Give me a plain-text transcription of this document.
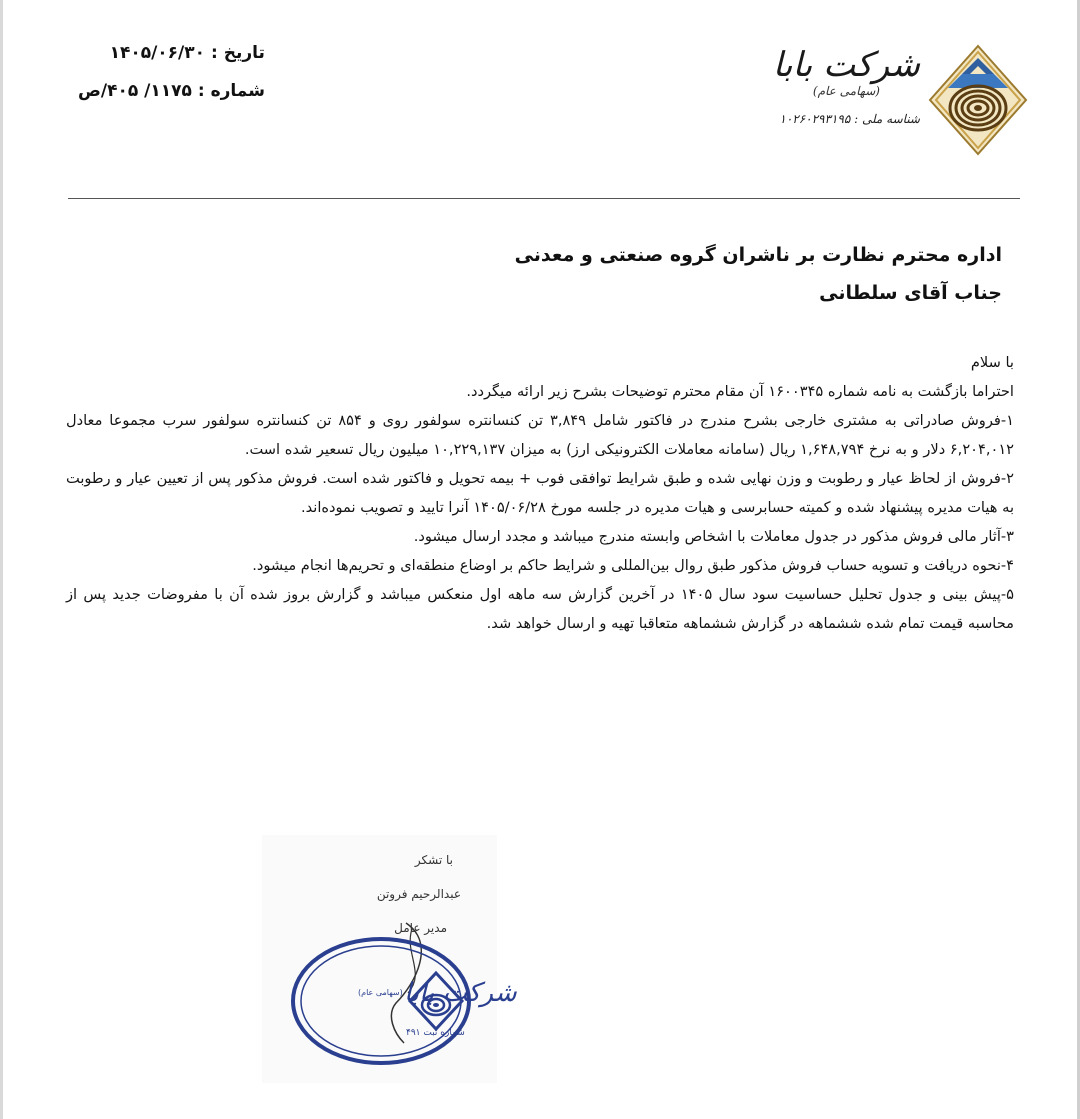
تاریخ :
۱۴۰۵/۰۶/۳۰
شماره :
۱۱۷۵/ ۴۰۵/ص
شرکت بابا
(سهامی عام)
شناسه ملی : ۱۰۲۶۰۲۹۳۱۹۵
اداره محترم نظارت بر ناشران گروه صنعتی و معدنی
جناب آقای سلطانی

با سلام

احتراما بازگشت به نامه شماره ۱۶۰۰۳۴۵ آن مقام محترم توضیحات بشرح زیر ارائه میگردد.

۱-فروش صادراتی به مشتری خارجی بشرح مندرج در فاکتور شامل ۳,۸۴۹ تن کنسانتره سولفور روی و ۸۵۴ تن کنسانتره سولفور سرب مجموعا معادل ۶,۲۰۴,۰۱۲ دلار و به نرخ ۱,۶۴۸,۷۹۴ ریال (سامانه معاملات الکترونیکی ارز) به میزان ۱۰,۲۲۹,۱۳۷ میلیون ریال تسعیر شده است.

۲-فروش از لحاظ عیار و رطوبت و وزن نهایی شده و طبق شرایط توافقی فوب + بیمه تحویل و فاکتور شده است. فروش مذکور پس از تعیین عیار و رطوبت به هیات مدیره پیشنهاد شده و کمیته حسابرسی و هیات مدیره در جلسه مورخ ۱۴۰۵/۰۶/۲۸ آنرا تایید و تصویب نموده‌اند.

۳-آثار مالی فروش مذکور در جدول معاملات با اشخاص وابسته مندرج میباشد و مجدد ارسال میشود.

۴-نحوه دریافت و تسویه حساب فروش مذکور طبق روال بین‌المللی و شرایط حاکم بر اوضاع منطقه‌ای و تحریم‌ها انجام میشود.

۵-پیش بینی و جدول تحلیل حساسیت سود سال ۱۴۰۵ در آخرین گزارش سه ماهه اول منعکس میباشد و گزارش بروز شده آن با مفروضات جدید پس از محاسبه قیمت تمام شده ششماهه در گزارش ششماهه متعاقبا تهیه و ارسال خواهد شد.

با تشکر
عبدالرحیم فروتن
مدیر عامل
شرکت بابا
(سهامی عام)
شماره ثبت ۴۹۱
